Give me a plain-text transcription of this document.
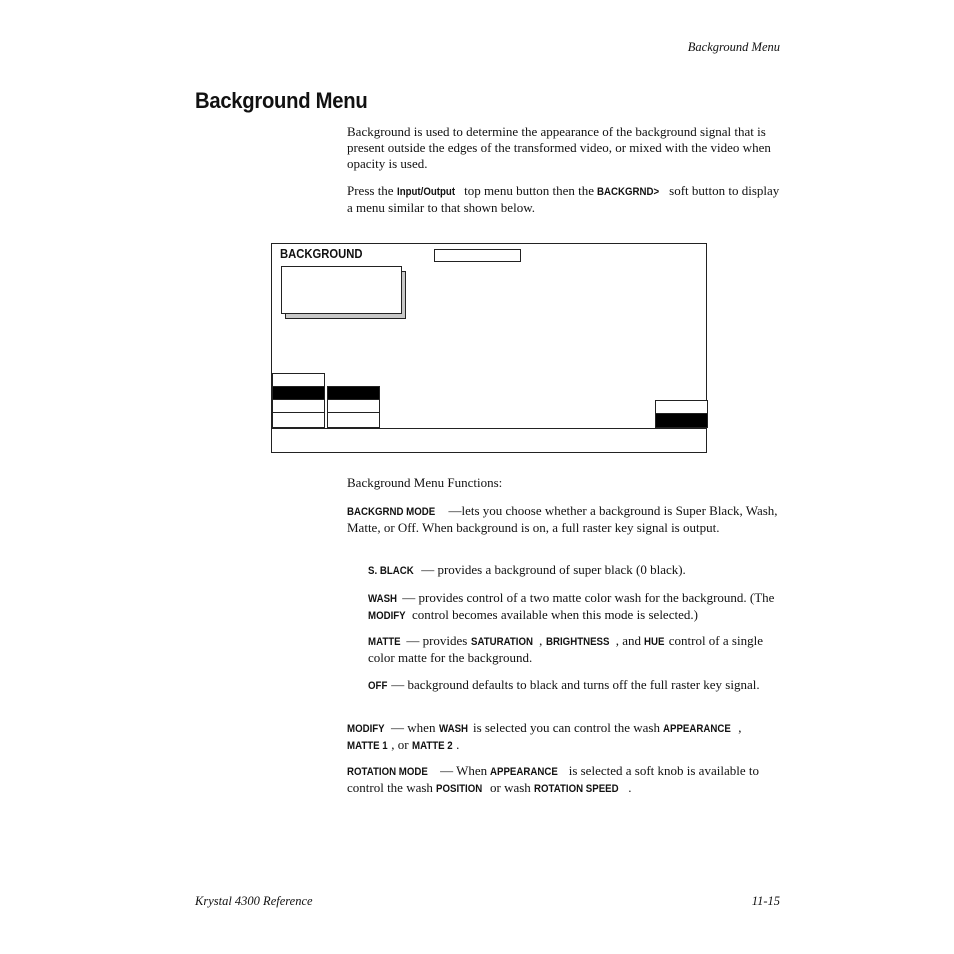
Background Menu
Background Menu

Background is used to determine the appearance of the background signal that is present outside the edges of the transformed video, or mixed with the video when opacity is used.

Press the Input/Output top menu button then the BACKGRND> soft button to display a menu similar to that shown below.

BACKGROUND

Background Menu Functions:

BACKGRND MODE —lets you choose whether a background is Super Black, Wash, Matte, or Off. When background is on, a full raster key signal is output.

S. BLACK — provides a background of super black (0 black).

WASH — provides control of a two matte color wash for the background. (The MODIFY control becomes available when this mode is selected.)

MATTE — provides SATURATION , BRIGHTNESS , and HUE control of a single color matte for the background.

OFF — background defaults to black and turns off the full raster key signal.

MODIFY — when WASH is selected you can control the wash APPEARANCE , MATTE 1 , or MATTE 2 .

ROTATION MODE — When APPEARANCE is selected a soft knob is available to control the wash POSITION or wash ROTATION SPEED .

Krystal 4300 Reference	11-15
